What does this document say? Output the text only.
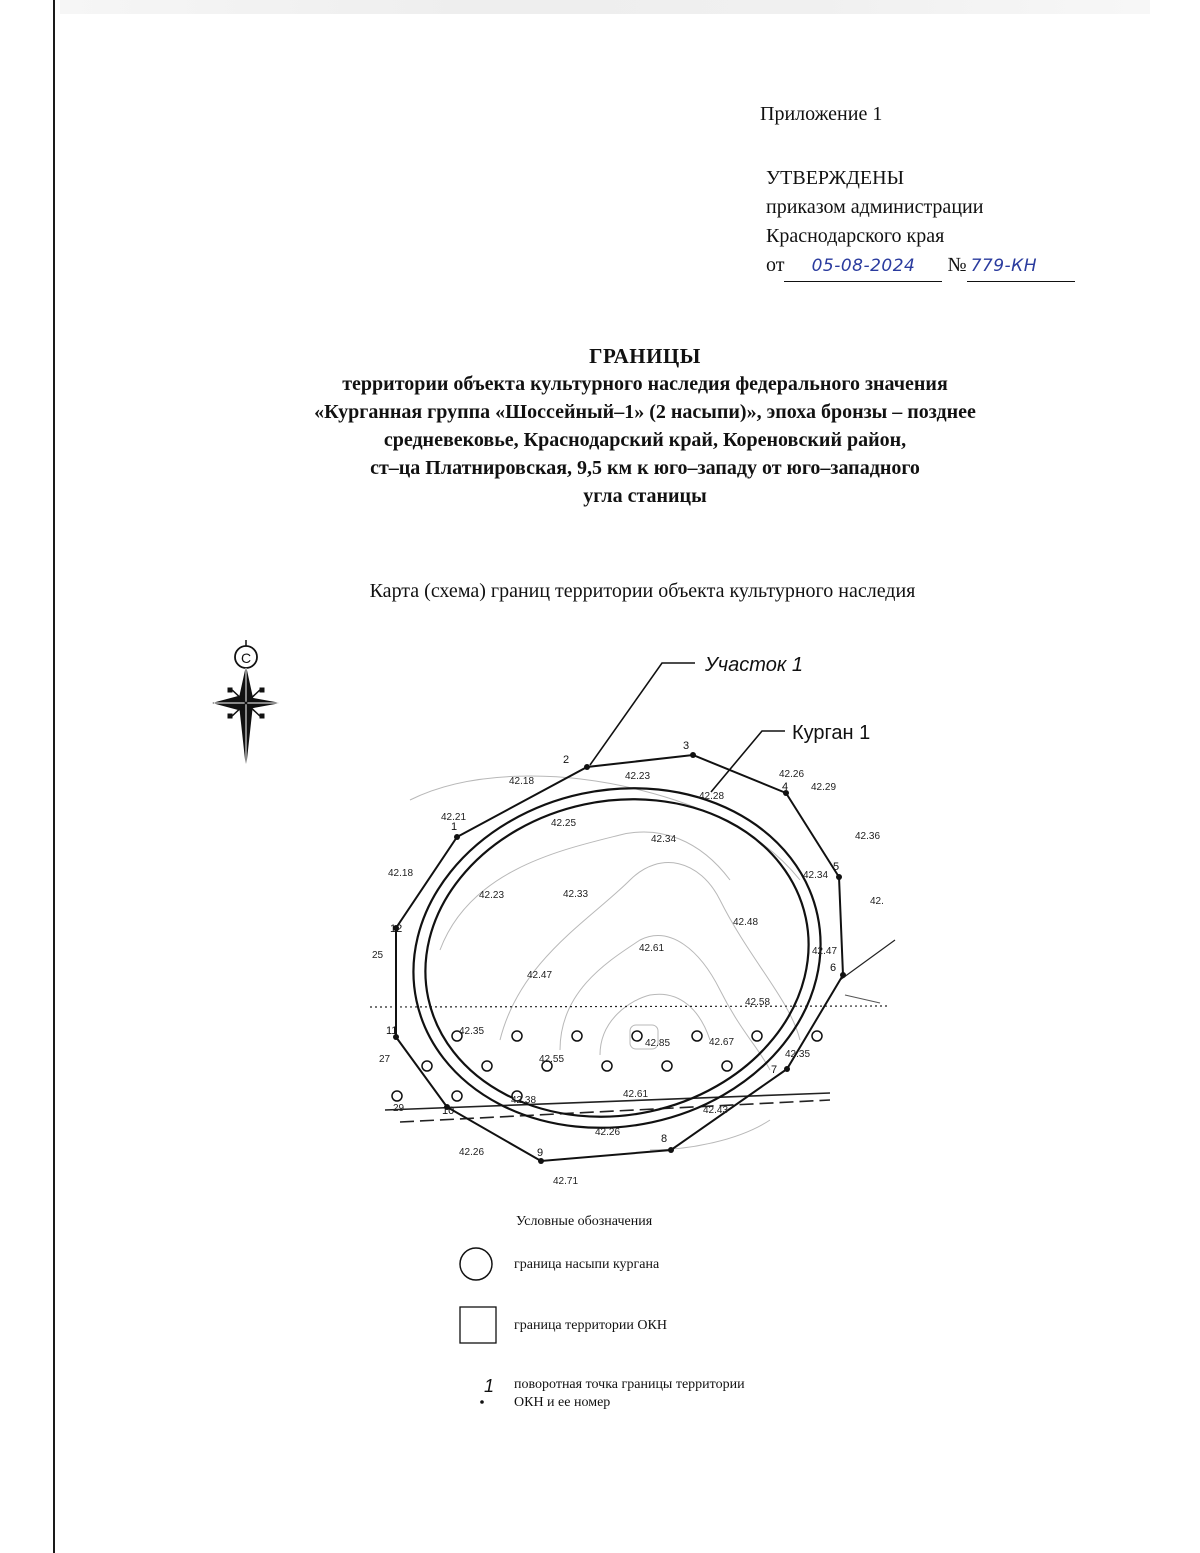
Приложение 1
УТВЕРЖДЕНЫ
приказом администрации
Краснодарского края
от 05-08-2024 № 779-КН
ГРАНИЦЫ
территории объекта культурного наследия федерального значения
«Курганная группа «Шоссейный–1» (2 насыпи)», эпоха бронзы – позднее
средневековье, Краснодарский край, Кореновский район,
ст–ца Платнировская, 9,5 км к юго–западу от юго–западного
угла станицы
Карта (схема) границ территории объекта культурного наследия
С	Участок 1
Курган 1
1
2
3
4
5
6
7
8
9
10
11
12
42.18	42.23	42.26
42.29
42.21
42.25
42.28
42.34	42.36
42.18
42.23	42.33
42.34
42.
42.48
42.61
42.47
42.47
42.58
42.35
42.85	42.67
42.55	42.35
42.61
42.38
42.43
42.26
42.26
42.71
25
27
29
1
Условные обозначения
граница насыпи кургана
граница территории ОКН
поворотная точка границы территории
ОКН и ее номер
